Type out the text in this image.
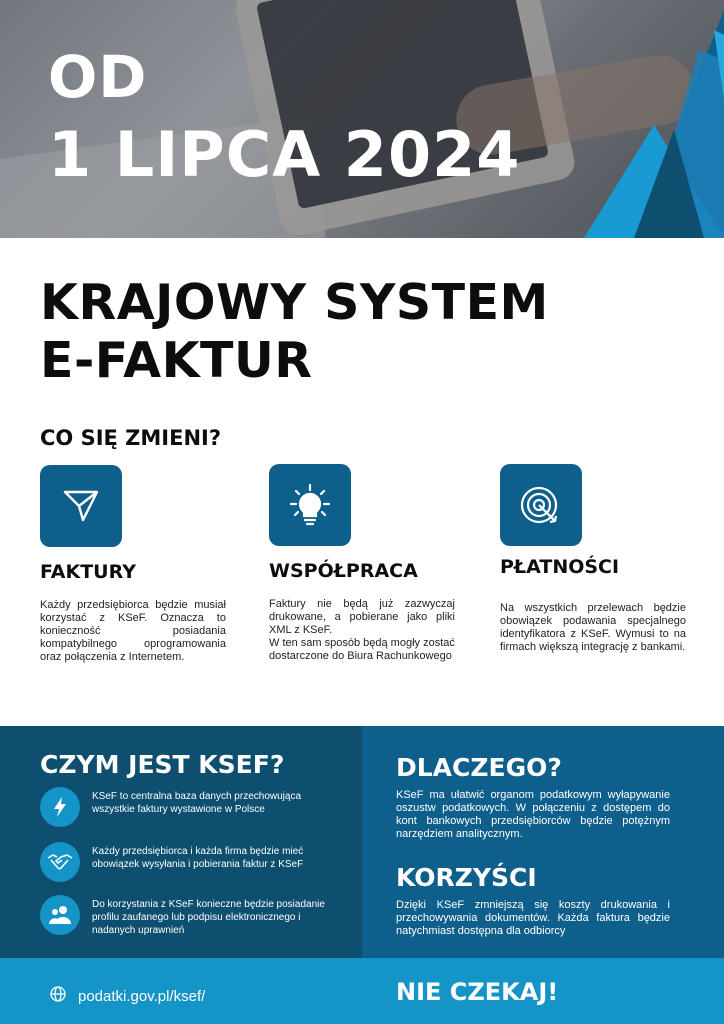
OD
1 LIPCA 2024
KRAJOWY SYSTEM
E-FAKTUR
CO SIĘ ZMIENI?
FAKTURY
Każdy przedsiębiorca będzie musiał korzystać z KSeF. Oznacza to konieczność posiadania kompatybilnego oprogramowania oraz połączenia z Internetem.
WSPÓŁPRACA
Faktury nie będą już zazwyczaj drukowane, a pobierane jako pliki XML z KSeF.
W ten sam sposób będą mogły zostać dostarczone do Biura Rachunkowego
PŁATNOŚCI
Na wszystkich przelewach będzie obowiązek podawania specjalnego identyfikatora z KSeF. Wymusi to na firmach większą integrację z bankami.
CZYM JEST KSEF?
KSeF to centralna baza danych przechowująca wszystkie faktury wystawione w Polsce
Każdy przedsiębiorca i każda firma będzie mieć obowiązek wysyłania i pobierania faktur z KSeF
Do korzystania z KSeF konieczne będzie posiadanie profilu zaufanego lub podpisu elektronicznego i nadanych uprawnień
DLACZEGO?
KSeF ma ułatwić organom podatkowym wyłapywanie oszustw podatkowych. W połączeniu z dostępem do kont bankowych przedsiębiorców będzie potężnym narzędziem analitycznym.
KORZYŚCI
Dzięki KSeF zmniejszą się koszty drukowania i przechowywania dokumentów. Każda faktura będzie natychmiast dostępna dla odbiorcy
podatki.gov.pl/ksef/	NIE CZEKAJ!
